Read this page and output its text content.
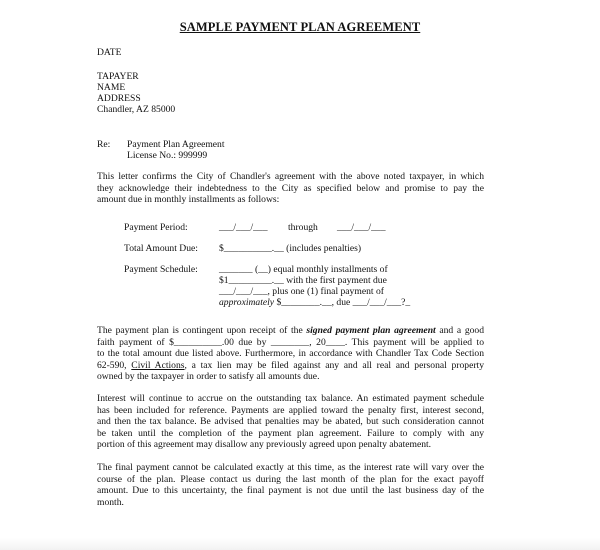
SAMPLE PAYMENT PLAN AGREEMENT
DATE
TAPAYER
NAME
ADDRESS
Chandler, AZ 85000
Re: Payment Plan Agreement
License No.: 999999
This letter confirms the City of Chandler's agreement with the above noted taxpayer, in which
they acknowledge their indebtedness to the City as specified below and promise to pay the
amount due in monthly installments as follows:
Payment Period:	___/___/___ through ___/___/___
Total Amount Due: $__________.__ (includes penalties)
Payment Schedule: _______ (__) equal monthly installments of
$1_________.__ with the first payment due
___/___/___, plus one (1) final payment of
approximately $________.__, due ___/___/___?_
The payment plan is contingent upon receipt of the signed payment plan agreement and a good
faith payment of $__________.00 due by ________, 20____. This payment will be applied to
to the total amount due listed above. Furthermore, in accordance with Chandler Tax Code Section
62-590, Civil Actions, a tax lien may be filed against any and all real and personal property
owned by the taxpayer in order to satisfy all amounts due.
Interest will continue to accrue on the outstanding tax balance. An estimated payment schedule
has been included for reference. Payments are applied toward the penalty first, interest second,
and then the tax balance. Be advised that penalties may be abated, but such consideration cannot
be taken until the completion of the payment plan agreement. Failure to comply with any
portion of this agreement may disallow any previously agreed upon penalty abatement.
The final payment cannot be calculated exactly at this time, as the interest rate will vary over the
course of the plan. Please contact us during the last month of the plan for the exact payoff
amount. Due to this uncertainty, the final payment is not due until the last business day of the
month.
